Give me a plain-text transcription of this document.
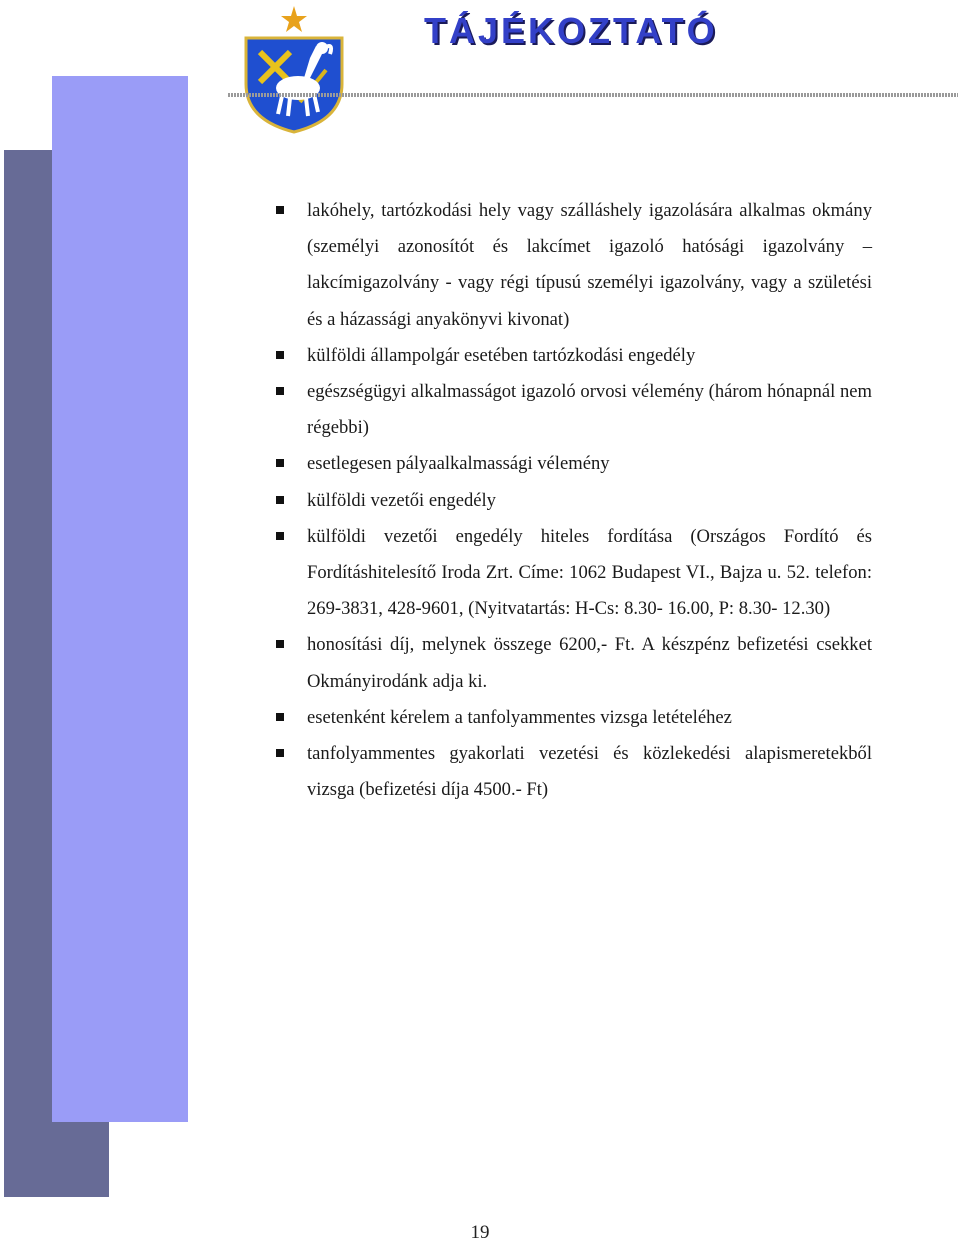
TÁJÉKOZTATÓ
lakóhely, tartózkodási hely vagy szálláshely igazolására alkalmas okmány (személyi azonosítót és lakcímet igazoló hatósági igazolvány –lakcímigazolvány - vagy régi típusú személyi igazolvány, vagy a születési és a házassági anyakönyvi kivonat)
külföldi állampolgár esetében tartózkodási engedély
egészségügyi alkalmasságot igazoló orvosi vélemény (három hónapnál nem régebbi)
esetlegesen pályaalkalmassági vélemény
külföldi vezetői engedély
külföldi vezetői engedély hiteles fordítása (Országos Fordító és Fordításhitelesítő Iroda Zrt. Címe: 1062 Budapest VI., Bajza u. 52. telefon: 269-3831, 428-9601, (Nyitvatartás: H-Cs: 8.30- 16.00, P: 8.30- 12.30)
honosítási díj, melynek összege 6200,- Ft. A készpénz befizetési csekket Okmányirodánk adja ki.
esetenként kérelem a tanfolyammentes vizsga letételéhez
tanfolyammentes gyakorlati vezetési és közlekedési alapismeretekből vizsga (befizetési díja 4500.- Ft)
19
